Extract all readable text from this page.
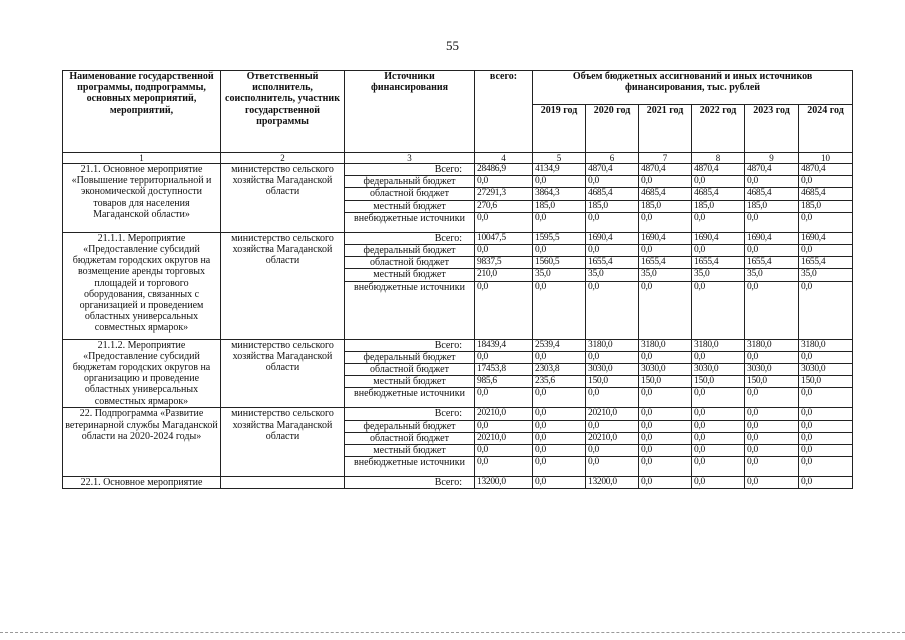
55
Наименование государственной программы, подпрограммы, основных мероприятий, мероприятий,	Ответственный исполнитель, соисполнитель, участник государственной программы	Источники финансирования	всего:	Объем бюджетных ассигнований и иных источников финансирования, тыс. рублей					
				2019 год	2020 год	2021 год	2022 год	2023 год	2024 год
1	2	3	4	5	6	7	8	9	10
21.1. Основное мероприятие «Повышение территориальной и экономической доступности товаров для населения Магаданской области»	министерство сельского хозяйства Магаданской области	Всего:	28486,9	4134,9	4870,4	4870,4	4870,4	4870,4	4870,4
		федеральный бюджет	0,0	0,0	0,0	0,0	0,0	0,0	0,0
		областной бюджет	27291,3	3864,3	4685,4	4685,4	4685,4	4685,4	4685,4
		местный бюджет	270,6	185,0	185,0	185,0	185,0	185,0	185,0
		внебюджетные источники	0,0	0,0	0,0	0,0	0,0	0,0	0,0
21.1.1. Мероприятие «Предоставление субсидий бюджетам городских округов на возмещение аренды торговых площадей и торгового оборудования, связанных с организацией и проведением областных универсальных совместных ярмарок»	министерство сельского хозяйства Магаданской области	Всего:	10047,5	1595,5	1690,4	1690,4	1690,4	1690,4	1690,4
		федеральный бюджет	0,0	0,0	0,0	0,0	0,0	0,0	0,0
		областной бюджет	9837,5	1560,5	1655,4	1655,4	1655,4	1655,4	1655,4
		местный бюджет	210,0	35,0	35,0	35,0	35,0	35,0	35,0
		внебюджетные источники	0,0	0,0	0,0	0,0	0,0	0,0	0,0
21.1.2. Мероприятие «Предоставление субсидий бюджетам городских округов на организацию и проведение областных универсальных совместных ярмарок»	министерство сельского хозяйства Магаданской области	Всего:	18439,4	2539,4	3180,0	3180,0	3180,0	3180,0	3180,0
		федеральный бюджет	0,0	0,0	0,0	0,0	0,0	0,0	0,0
		областной бюджет	17453,8	2303,8	3030,0	3030,0	3030,0	3030,0	3030,0
		местный бюджет	985,6	235,6	150,0	150,0	150,0	150,0	150,0
		внебюджетные источники	0,0	0,0	0,0	0,0	0,0	0,0	0,0
22. Подпрограмма «Развитие ветеринарной службы Магаданской области на 2020-2024 годы»	министерство сельского хозяйства Магаданской области	Всего:	20210,0	0,0	20210,0	0,0	0,0	0,0	0,0
		федеральный бюджет	0,0	0,0	0,0	0,0	0,0	0,0	0,0
		областной бюджет	20210,0	0,0	20210,0	0,0	0,0	0,0	0,0
		местный бюджет	0,0	0,0	0,0	0,0	0,0	0,0	0,0
		внебюджетные источники	0,0	0,0	0,0	0,0	0,0	0,0	0,0
22.1. Основное мероприятие		Всего:	13200,0	0,0	13200,0	0,0	0,0	0,0	0,0
